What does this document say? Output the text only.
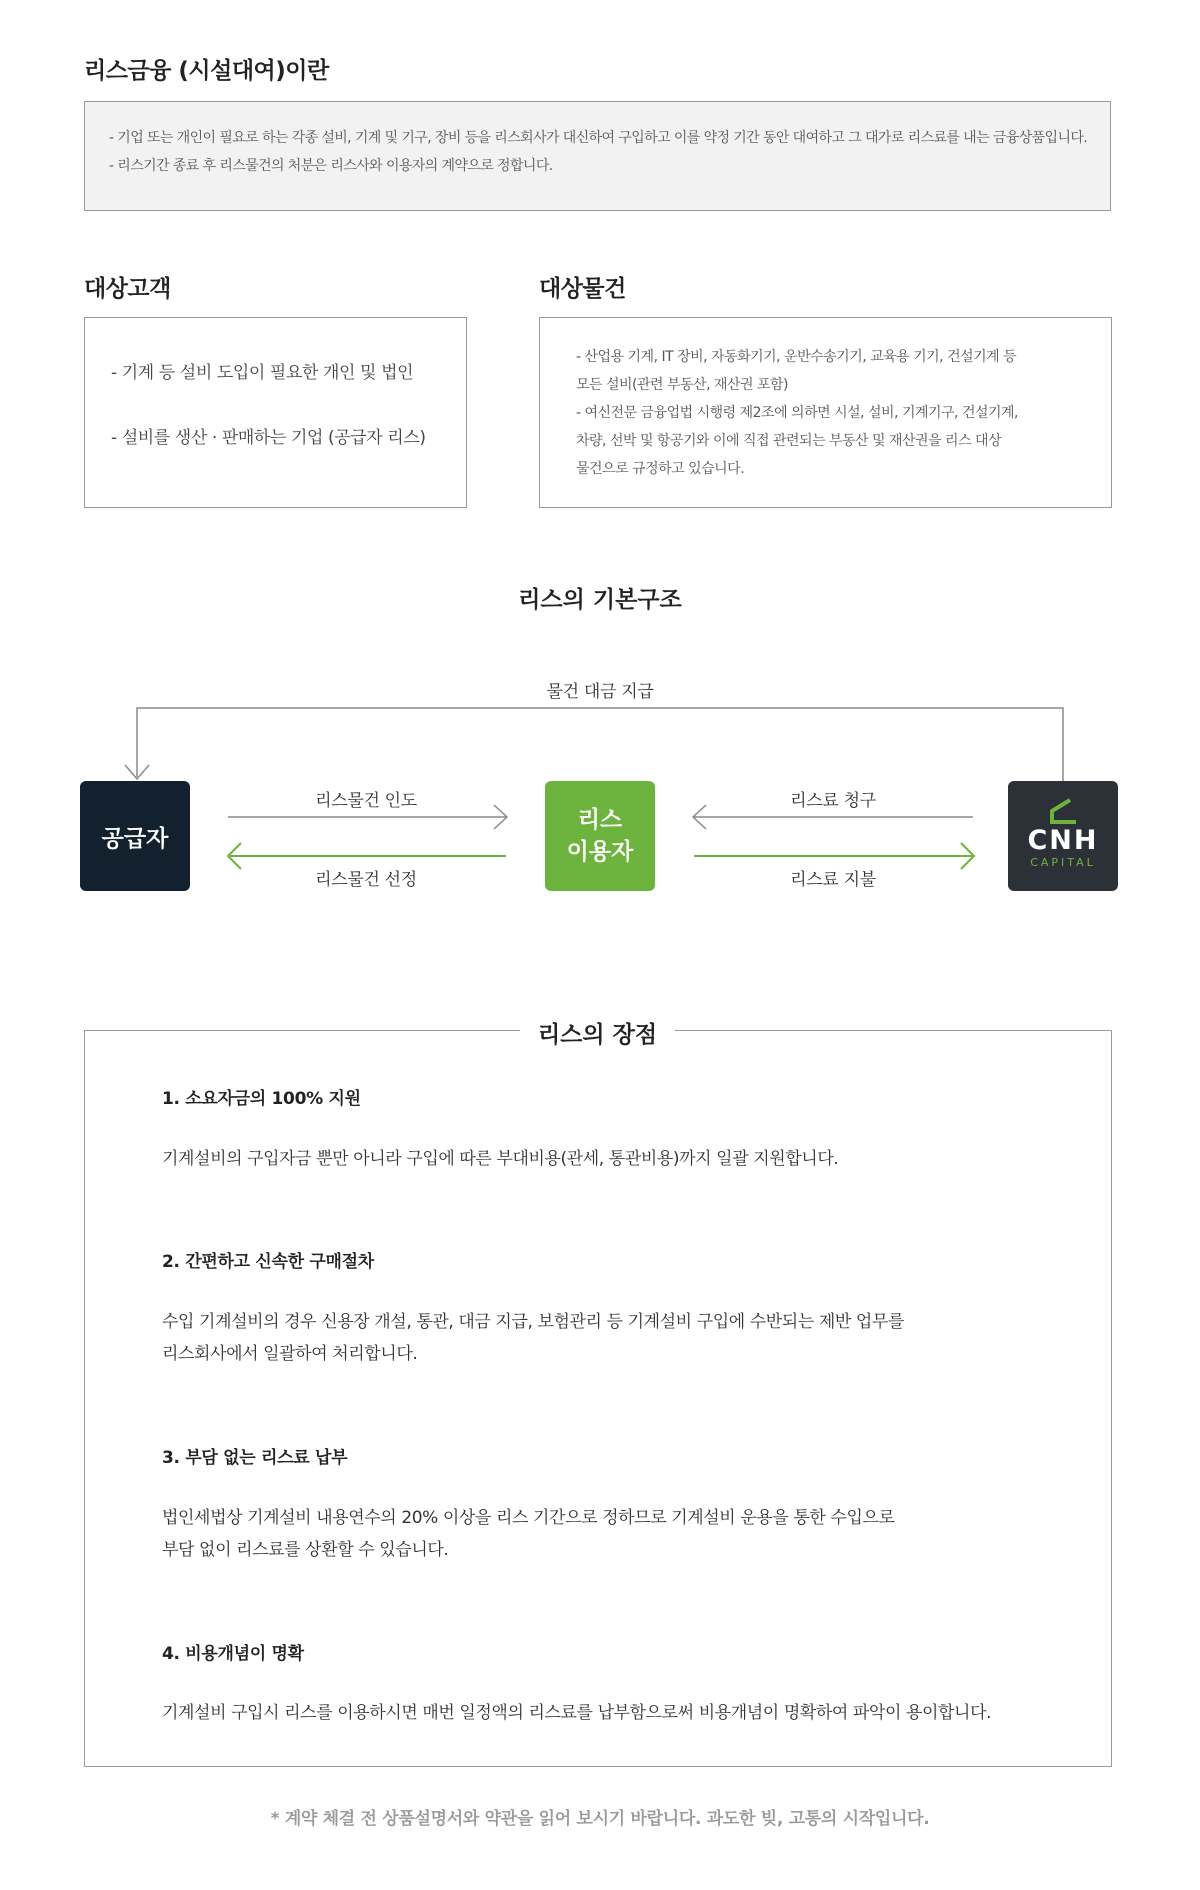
리스금융 (시설대여)이란

- 기업 또는 개인이 필요로 하는 각종 설비, 기계 및 기구, 장비 등을 리스회사가 대신하여 구입하고 이를 약정 기간 동안 대여하고 그 대가로 리스료를 내는 금융상품입니다.

- 리스기간 종료 후 리스물건의 처분은 리스사와 이용자의 계약으로 정합니다.

대상고객	대상물건

- 기계 등 설비 도입이 필요한 개인 및 법인

- 설비를 생산 · 판매하는 기업 (공급자 리스)

- 산업용 기계, IT 장비, 자동화기기, 운반수송기기, 교육용 기기, 건설기계 등

모든 설비(관련 부동산, 재산권 포함)

- 여신전문 금융업법 시행령 제2조에 의하면 시설, 설비, 기계기구, 건설기계,

차량, 선박 및 항공기와 이에 직접 관련되는 부동산 및 재산권을 리스 대상

물건으로 규정하고 있습니다.

리스의 기본구조
물건 대금 지급
공급자
리스
이용자	CNH
CAPITAL
리스물건 인도
리스물건 선정
리스료 청구
리스료 지불
리스의 장점
1. 소요자금의 100% 지원
기계설비의 구입자금 뿐만 아니라 구입에 따른 부대비용(관세, 통관비용)까지 일괄 지원합니다.
2. 간편하고 신속한 구매절차
수입 기계설비의 경우 신용장 개설, 통관, 대금 지급, 보험관리 등 기계설비 구입에 수반되는 제반 업무를
리스회사에서 일괄하여 처리합니다.
3. 부담 없는 리스료 납부
법인세법상 기계설비 내용연수의 20% 이상을 리스 기간으로 정하므로 기계설비 운용을 통한 수입으로
부담 없이 리스료를 상환할 수 있습니다.
4. 비용개념이 명확
기계설비 구입시 리스를 이용하시면 매번 일정액의 리스료를 납부함으로써 비용개념이 명확하여 파악이 용이합니다.
* 계약 체결 전 상품설명서와 약관을 읽어 보시기 바랍니다. 과도한 빚, 고통의 시작입니다.
